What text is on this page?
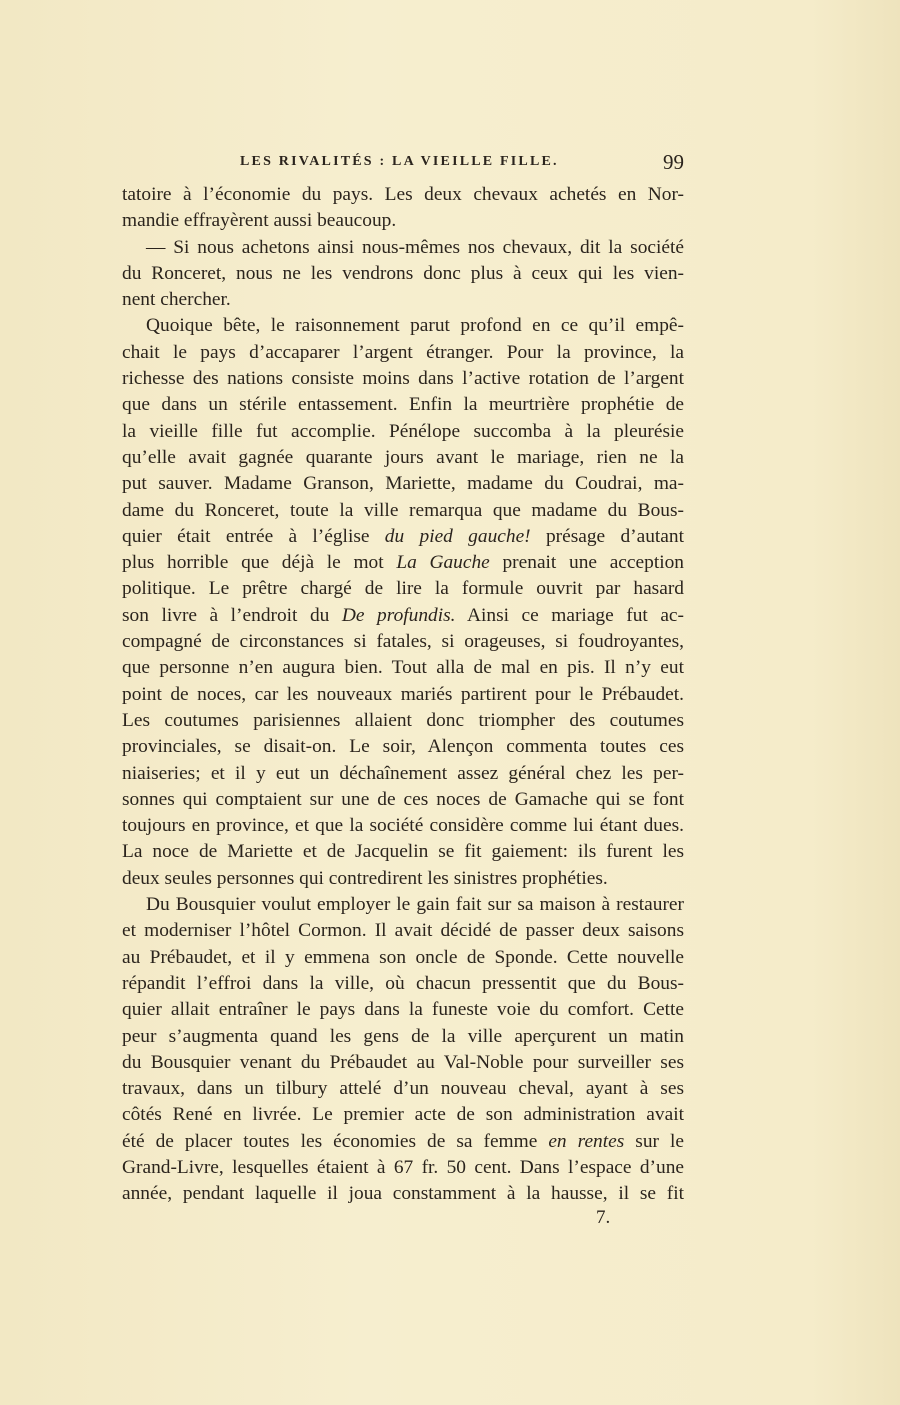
LES RIVALITÉS : LA VIEILLE FILLE.	99
tatoire à l’économie du pays. Les deux chevaux achetés en Nor-
mandie effrayèrent aussi beaucoup.
— Si nous achetons ainsi nous-mêmes nos chevaux, dit la société
du Ronceret, nous ne les vendrons donc plus à ceux qui les vien-
nent chercher.
Quoique bête, le raisonnement parut profond en ce qu’il empê-
chait le pays d’accaparer l’argent étranger. Pour la province, la
richesse des nations consiste moins dans l’active rotation de l’argent
que dans un stérile entassement. Enfin la meurtrière prophétie de
la vieille fille fut accomplie. Pénélope succomba à la pleurésie
qu’elle avait gagnée quarante jours avant le mariage, rien ne la
put sauver. Madame Granson, Mariette, madame du Coudrai, ma-
dame du Ronceret, toute la ville remarqua que madame du Bous-
quier était entrée à l’église du pied gauche! présage d’autant
plus horrible que déjà le mot La Gauche prenait une acception
politique. Le prêtre chargé de lire la formule ouvrit par hasard
son livre à l’endroit du De profundis. Ainsi ce mariage fut ac-
compagné de circonstances si fatales, si orageuses, si foudroyantes,
que personne n’en augura bien. Tout alla de mal en pis. Il n’y eut
point de noces, car les nouveaux mariés partirent pour le Prébaudet.
Les coutumes parisiennes allaient donc triompher des coutumes
provinciales, se disait-on. Le soir, Alençon commenta toutes ces
niaiseries; et il y eut un déchaînement assez général chez les per-
sonnes qui comptaient sur une de ces noces de Gamache qui se font
toujours en province, et que la société considère comme lui étant dues.
La noce de Mariette et de Jacquelin se fit gaiement: ils furent les
deux seules personnes qui contredirent les sinistres prophéties.
Du Bousquier voulut employer le gain fait sur sa maison à restaurer
et moderniser l’hôtel Cormon. Il avait décidé de passer deux saisons
au Prébaudet, et il y emmena son oncle de Sponde. Cette nouvelle
répandit l’effroi dans la ville, où chacun pressentit que du Bous-
quier allait entraîner le pays dans la funeste voie du comfort. Cette
peur s’augmenta quand les gens de la ville aperçurent un matin
du Bousquier venant du Prébaudet au Val-Noble pour surveiller ses
travaux, dans un tilbury attelé d’un nouveau cheval, ayant à ses
côtés René en livrée. Le premier acte de son administration avait
été de placer toutes les économies de sa femme en rentes sur le
Grand-Livre, lesquelles étaient à 67 fr. 50 cent. Dans l’espace d’une
année, pendant laquelle il joua constamment à la hausse, il se fit
7.
